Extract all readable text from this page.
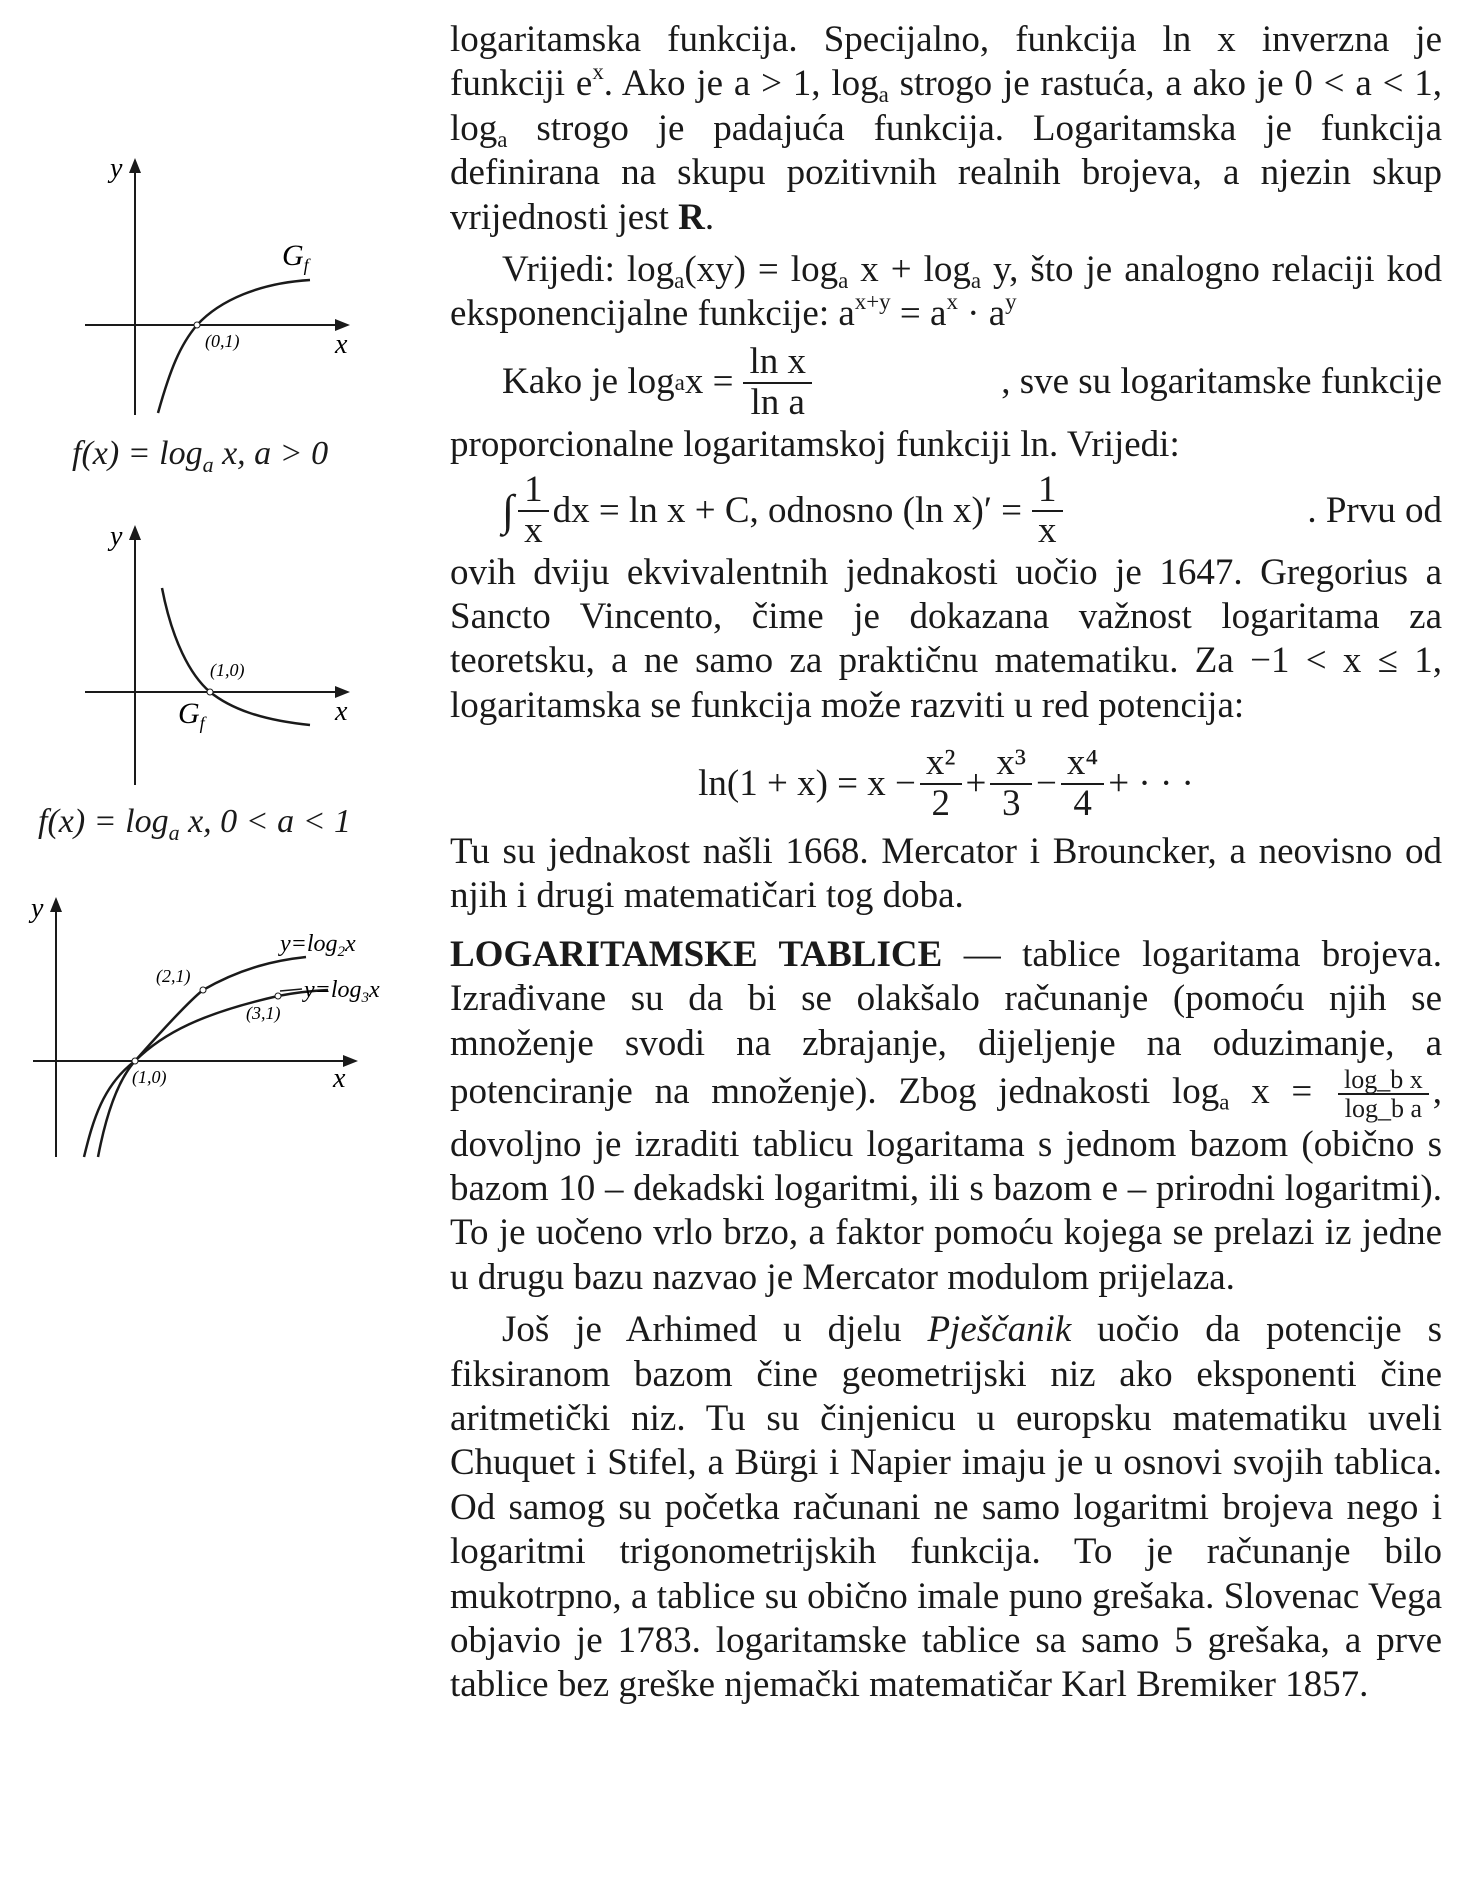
y
x
(0,1)
$G_f$
$f(x) = \log_a x$, a > 0
y
x
(1,0)
$G_f$
$f(x) = \log_a x$, 0 < a < 1
y
x
(2,1)
(3,1)
(1,0)
$y=\log_2x$
$y=\log_3x$

logaritamska funkcija. Specijalno, funkcija ln x inverzna je funkciji $e^x$. Ako je a > 1, $\log_a$ strogo je rastuća, a ako je 0 < a < 1, $\log_a$ strogo je padajuća funkcija. Logaritamska je funkcija definirana na skupu pozitivnih realnih brojeva, a njezin skup vrijednosti jest R.

Vrijedi: $\log_a(xy) = \log_a x + \log_a y$, što je analogno relaciji kod eksponencijalne funkcije: $a^{x+y} = a^x \cdot a^y$

Kako je log a $x = \frac{\text{ln x}}{\text{ln a}}$	, sve su logaritamske funkcije

proporcionalne logaritamskoj funkciji ln. Vrijedi:

∫ $\frac{1}{x}$ dx = ln x + C, odnosno (ln $x)' = \frac{1}{x}$	. Prvu od

ovih dviju ekvivalentnih jednakosti uočio je 1647. Gregorius a Sancto Vincento, čime je dokazana važnost logaritama za teoretsku, a ne samo za praktičnu matematiku. Za −1 < x ≤ 1, logaritamska se funkcija može razviti u red potencija:

$\ln(1 + x) = x - \frac{\text{x²}}{2} + \frac{\text{x³}}{3} - \frac{\text{x⁴}}{4}$ + · · ·

Tu su jednakost našli 1668. Mercator i Brouncker, a neovisno od njih i drugi matematičari tog doba.

LOGARITAMSKE TABLICE — tablice logaritama brojeva. Izrađivane su da bi se olakšalo računanje (pomoću njih se množenje svodi na zbrajanje, dijeljenje na oduzimanje, a potenciranje na množenje). Zbog jednakosti $\log_a x = \frac{\text{log\_b x}}{\text{log\_b a}}$ , dovoljno je izraditi tablicu logaritama s jednom bazom (obično s bazom 10 – dekadski logaritmi, ili s bazom e – prirodni logaritmi). To je uočeno vrlo brzo, a faktor pomoću kojega se prelazi iz jedne u drugu bazu nazvao je Mercator modulom prijelaza.

Još je Arhimed u djelu Pješčanik uočio da potencije s fiksiranom bazom čine geometrijski niz ako eksponenti čine aritmetički niz. Tu su činjenicu u europsku matematiku uveli Chuquet i Stifel, a Bürgi i Napier imaju je u osnovi svojih tablica. Od samog su početka računani ne samo logaritmi brojeva nego i logaritmi trigonometrijskih funkcija. To je računanje bilo mukotrpno, a tablice su obično imale puno grešaka. Slovenac Vega objavio je 1783. logaritamske tablice sa samo 5 grešaka, a prve tablice bez greške njemački matematičar Karl Bremiker 1857.
